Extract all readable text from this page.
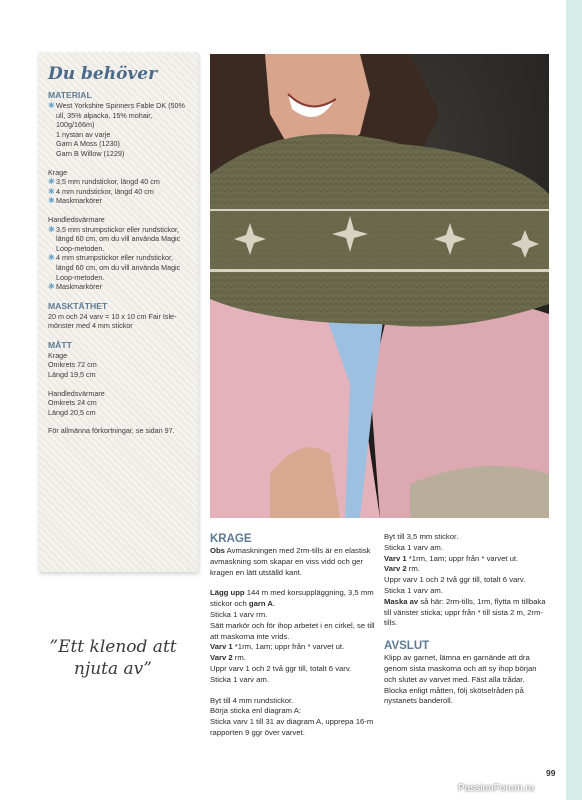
Du behöver
MATERIAL
✱ West Yorkshire Spinners Fable DK (50% ull, 35% alpacka, 15% mohair, 100g/166m)
1 nystan av varje
Garn A Moss (1230)
Garn B Willow (1229)
Krage
✱ 3,5 mm rundstickor, längd 40 cm
✱ 4 mm rundstickor, längd 40 cm
✱ Maskmarkörer
Handledsvärmare
✱ 3,5 mm strumpstickor eller rundstickor, längd 60 cm, om du vill använda Magic Loop-metoden.
✱ 4 mm strumpstickor eller rundstickor, längd 60 cm, om du vill använda Magic Loop-metoden.
✱ Maskmarkörer
MASKTÄTHET
20 m och 24 varv = 10 x 10 cm Fair Isle-mönster med 4 mm stickor
MÅTT
Krage
Omkrets 72 cm
Längd 19,5 cm
Handledsvärmare
Omkrets 24 cm
Längd 20,5 cm
För allmänna förkortningar, se sidan 97.
”Ett klenod att njuta av”
KRAGE
Obs Avmaskningen med 2rm-tills är en elastisk avmaskning som skapar en viss vidd och ger kragen en lätt utställd kant.
Lägg upp 144 m med korsuppläggning, 3,5 mm stickor och garn A.
Sticka 1 varv rm.
Sätt markör och för ihop arbetet i en cirkel, se till att maskorna inte vrids.
Varv 1 *1rm, 1am; uppr från * varvet ut.
Varv 2 rm.
Uppr varv 1 och 2 två ggr till, totalt 6 varv.
Sticka 1 varv am.
Byt till 4 mm rundstickor.
Börja sticka enl diagram A:
Sticka varv 1 till 31 av diagram A, upprepa 16-m rapporten 9 ggr över varvet.
Byt till 3,5 mm stickor.
Sticka 1 varv am.
Varv 1 *1rm, 1am; uppr från * varvet ut.
Varv 2 rm.
Uppr varv 1 och 2 två ggr till, totalt 6 varv.
Sticka 1 varv am.
Maska av så här: 2rm-tills, 1rm, flytta m tillbaka till vänster sticka; uppr från * till sista 2 m, 2rm-tills.
AVSLUT
Klipp av garnet, lämna en garnände att dra genom sista maskorna och att sy ihop början och slutet av varvet med. Fäst alla trådar. Blocka enligt måtten, följ skötselråden på nystanets banderoll.
99
PassionForum.ru
